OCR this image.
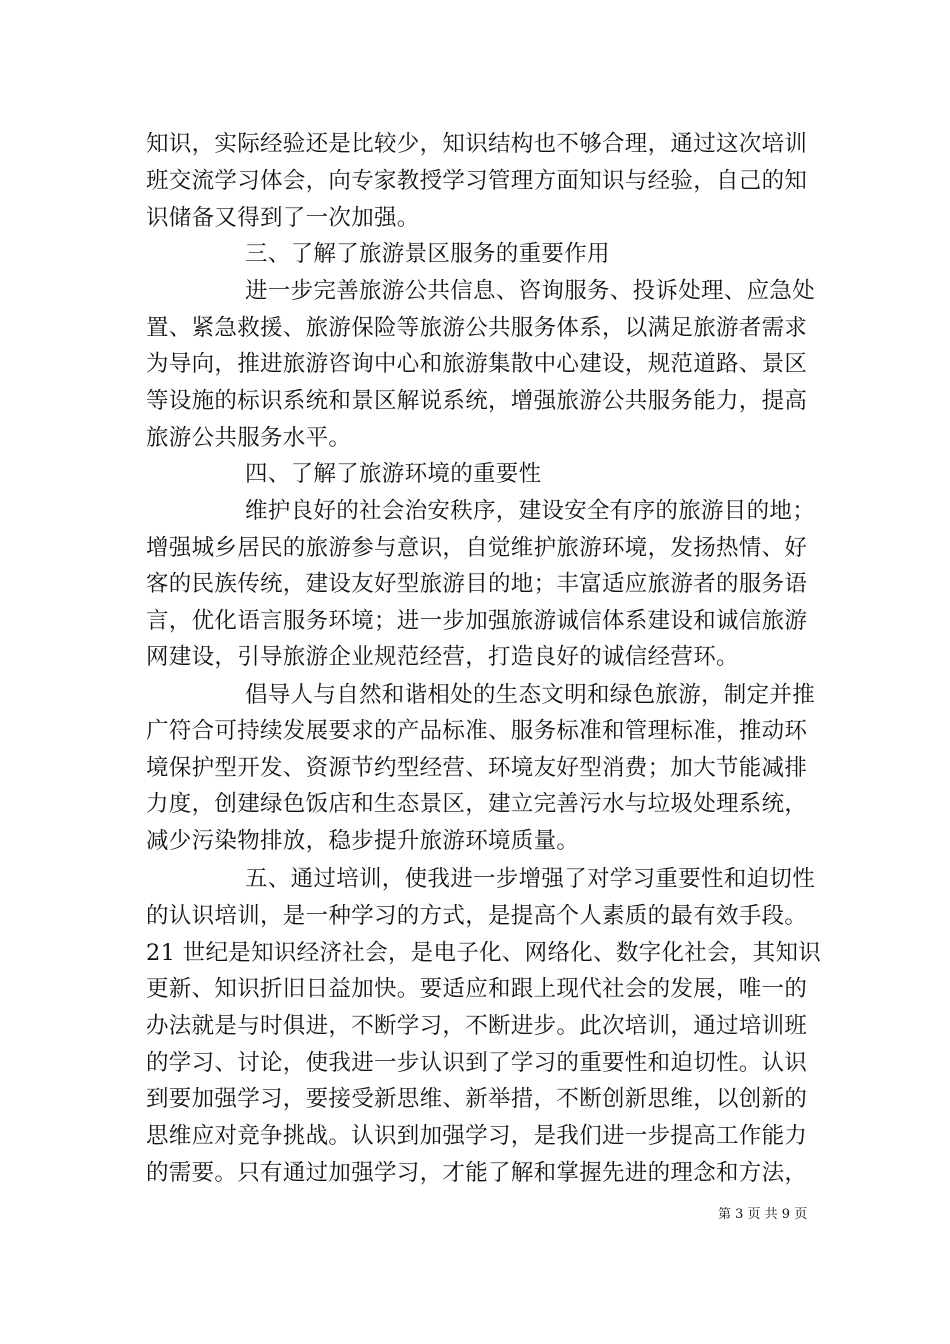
知识，实际经验还是比较少，知识结构也不够合理，通过这次培训
班交流学习体会，向专家教授学习管理方面知识与经验，自己的知
识储备又得到了一次加强。
三、了解了旅游景区服务的重要作用
进一步完善旅游公共信息、咨询服务、投诉处理、应急处
置、紧急救援、旅游保险等旅游公共服务体系，以满足旅游者需求
为导向，推进旅游咨询中心和旅游集散中心建设，规范道路、景区
等设施的标识系统和景区解说系统，增强旅游公共服务能力，提高
旅游公共服务水平。
四、了解了旅游环境的重要性
维护良好的社会治安秩序，建设安全有序的旅游目的地；
增强城乡居民的旅游参与意识，自觉维护旅游环境，发扬热情、好
客的民族传统，建设友好型旅游目的地；丰富适应旅游者的服务语
言，优化语言服务环境；进一步加强旅游诚信体系建设和诚信旅游
网建设，引导旅游企业规范经营，打造良好的诚信经营环。
倡导人与自然和谐相处的生态文明和绿色旅游，制定并推
广符合可持续发展要求的产品标准、服务标准和管理标准，推动环
境保护型开发、资源节约型经营、环境友好型消费；加大节能减排
力度，创建绿色饭店和生态景区，建立完善污水与垃圾处理系统，
减少污染物排放，稳步提升旅游环境质量。
五、通过培训，使我进一步增强了对学习重要性和迫切性
的认识培训，是一种学习的方式，是提高个人素质的最有效手段。
21 世纪是知识经济社会，是电子化、网络化、数字化社会，其知识
更新、知识折旧日益加快。要适应和跟上现代社会的发展，唯一的
办法就是与时俱进，不断学习，不断进步。此次培训，通过培训班
的学习、讨论，使我进一步认识到了学习的重要性和迫切性。认识
到要加强学习，要接受新思维、新举措，不断创新思维，以创新的
思维应对竞争挑战。认识到加强学习，是我们进一步提高工作能力
的需要。只有通过加强学习，才能了解和掌握先进的理念和方法，
第 3 页 共 9 页
